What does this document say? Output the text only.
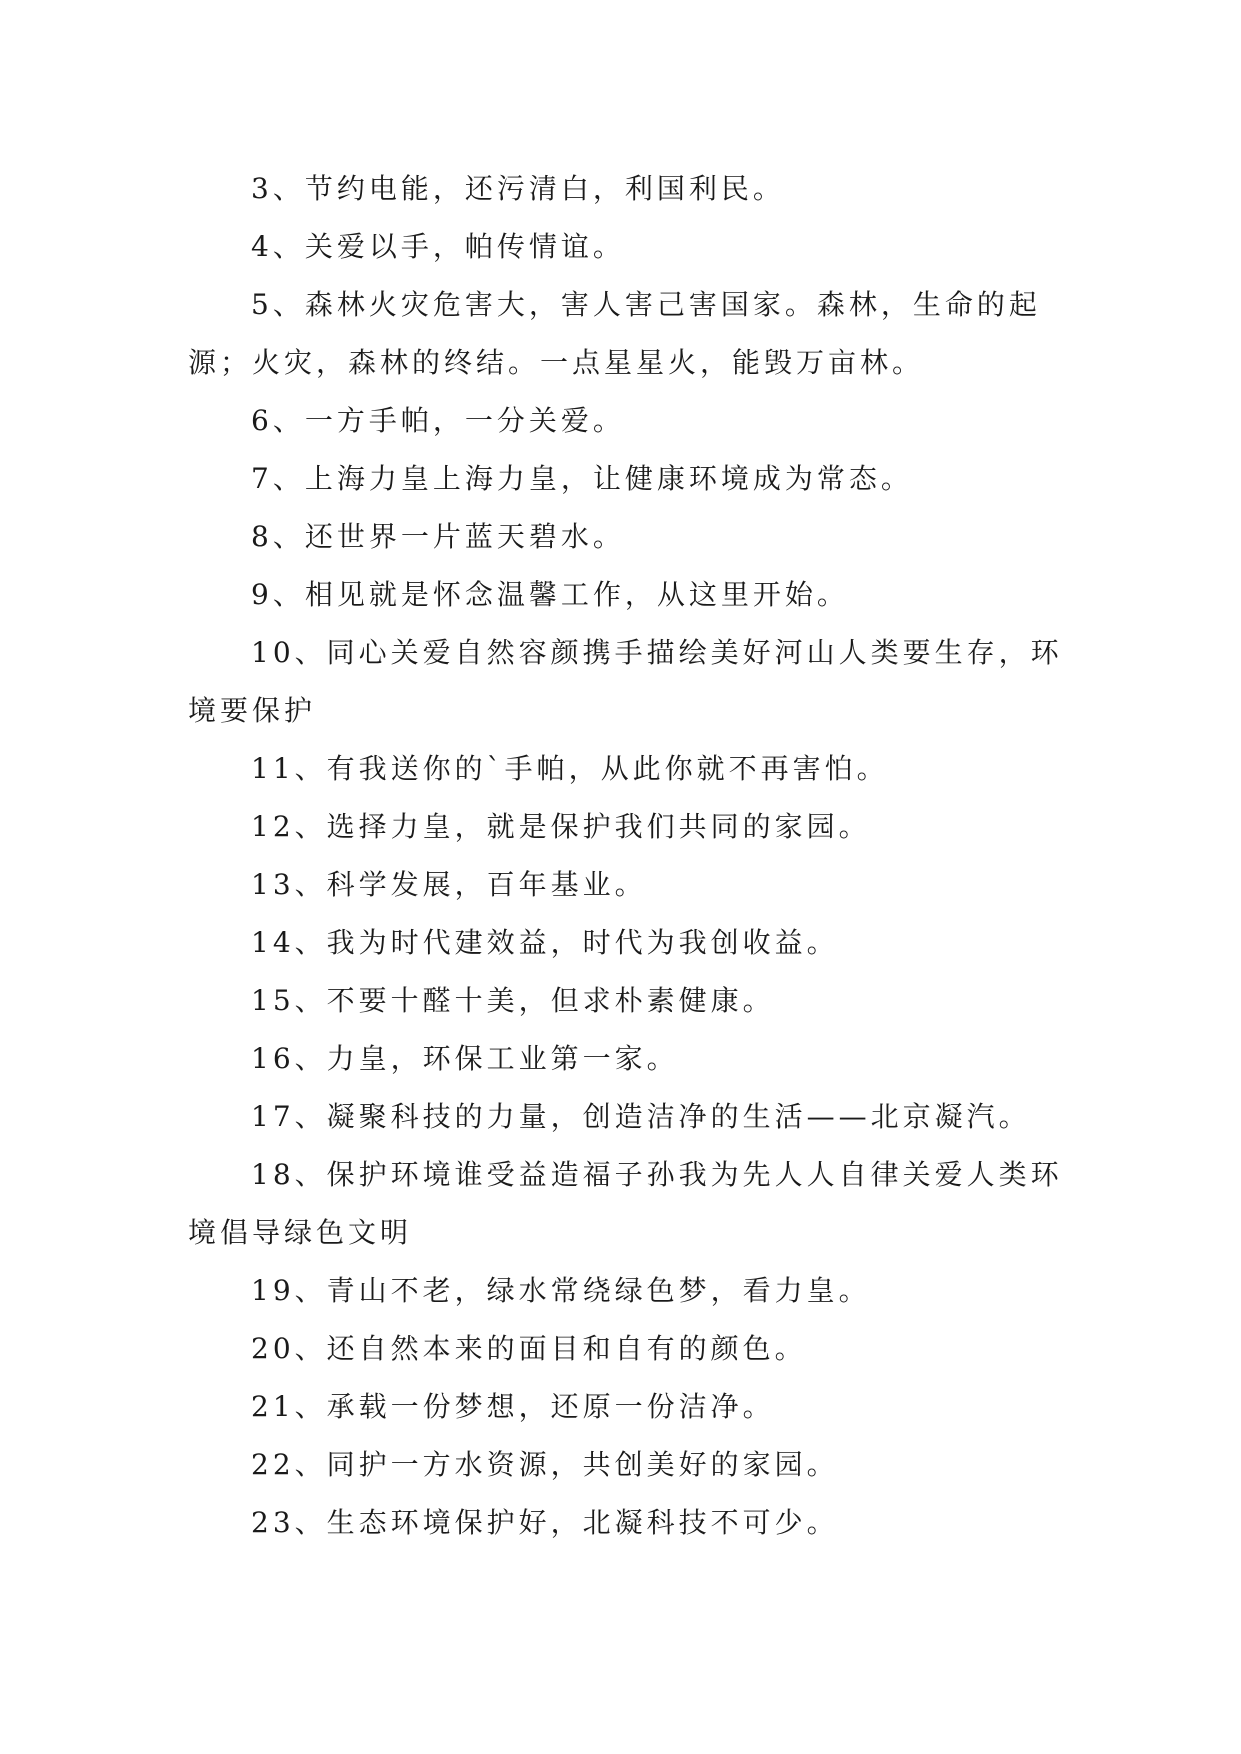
3、节约电能，还污清白，利国利民。

4、关爱以手，帕传情谊。

5、森林火灾危害大，害人害己害国家。森林，生命的起源；火灾，森林的终结。一点星星火，能毁万亩林。

6、一方手帕，一分关爱。

7、上海力皇上海力皇，让健康环境成为常态。

8、还世界一片蓝天碧水。

9、相见就是怀念温馨工作，从这里开始。

10、同心关爱自然容颜携手描绘美好河山人类要生存，环境要保护

11、有我送你的`手帕，从此你就不再害怕。

12、选择力皇，就是保护我们共同的家园。

13、科学发展，百年基业。

14、我为时代建效益，时代为我创收益。

15、不要十醛十美，但求朴素健康。

16、力皇，环保工业第一家。

17、凝聚科技的力量，创造洁净的生活——北京凝汽。

18、保护环境谁受益造福子孙我为先人人自律关爱人类环境倡导绿色文明

19、青山不老，绿水常绕绿色梦，看力皇。

20、还自然本来的面目和自有的颜色。

21、承载一份梦想，还原一份洁净。

22、同护一方水资源，共创美好的家园。

23、生态环境保护好，北凝科技不可少。
